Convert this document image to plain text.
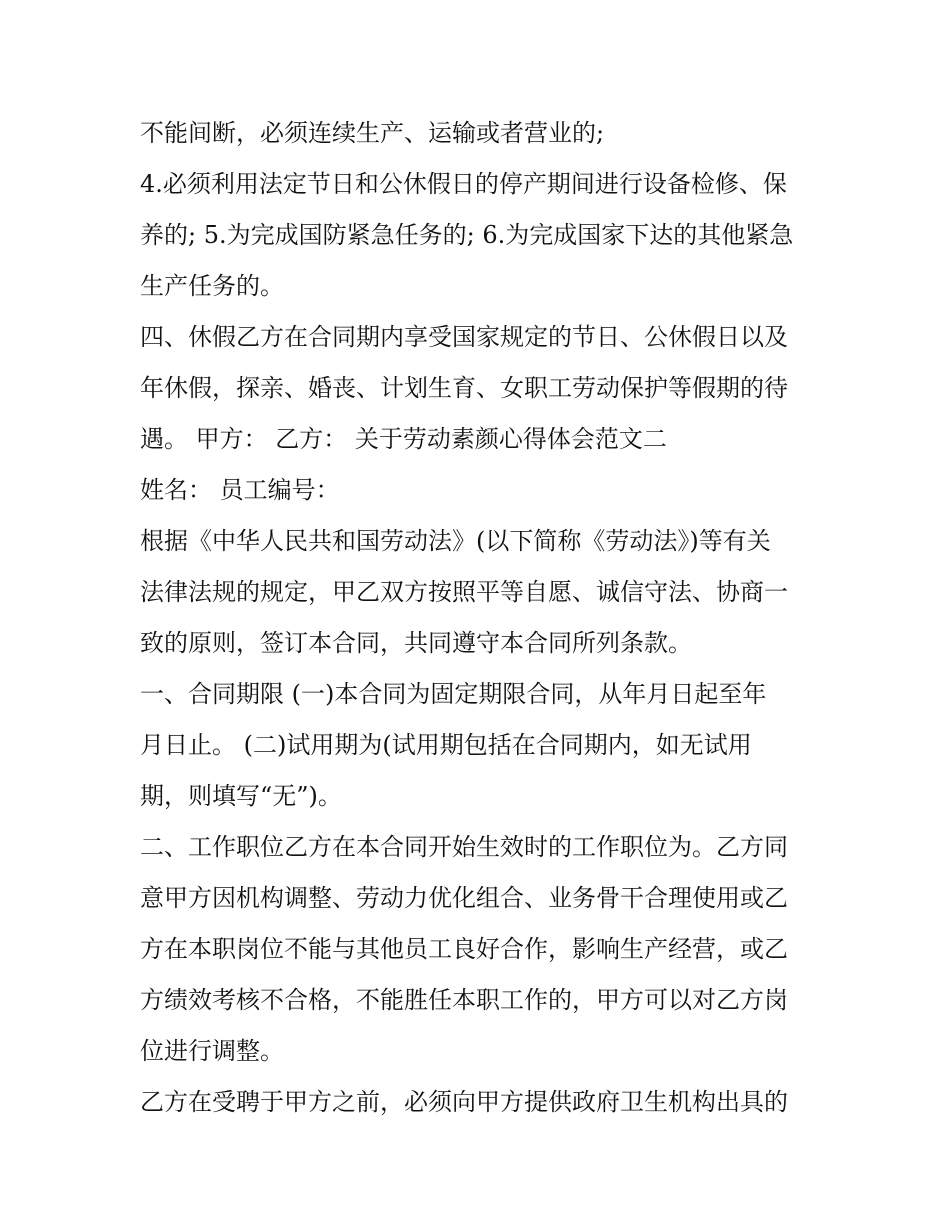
不能间断，必须连续生产、运输或者营业的;
4.必须利用法定节日和公休假日的停产期间进行设备检修、保
养的; 5.为完成国防紧急任务的; 6.为完成国家下达的其他紧急
生产任务的。
四、休假乙方在合同期内享受国家规定的节日、公休假日以及
年休假，探亲、婚丧、计划生育、女职工劳动保护等假期的待
遇。 甲方： 乙方： 关于劳动素颜心得体会范文二
姓名： 员工编号：
根据《中华人民共和国劳动法》(以下简称《劳动法》)等有关
法律法规的规定，甲乙双方按照平等自愿、诚信守法、协商一
致的原则，签订本合同，共同遵守本合同所列条款。
一、合同期限 (一)本合同为固定期限合同，从年月日起至年
月日止。 (二)试用期为(试用期包括在合同期内，如无试用
期，则填写“无”)。
二、工作职位乙方在本合同开始生效时的工作职位为。乙方同
意甲方因机构调整、劳动力优化组合、业务骨干合理使用或乙
方在本职岗位不能与其他员工良好合作，影响生产经营，或乙
方绩效考核不合格，不能胜任本职工作的，甲方可以对乙方岗
位进行调整。
乙方在受聘于甲方之前，必须向甲方提供政府卫生机构出具的
